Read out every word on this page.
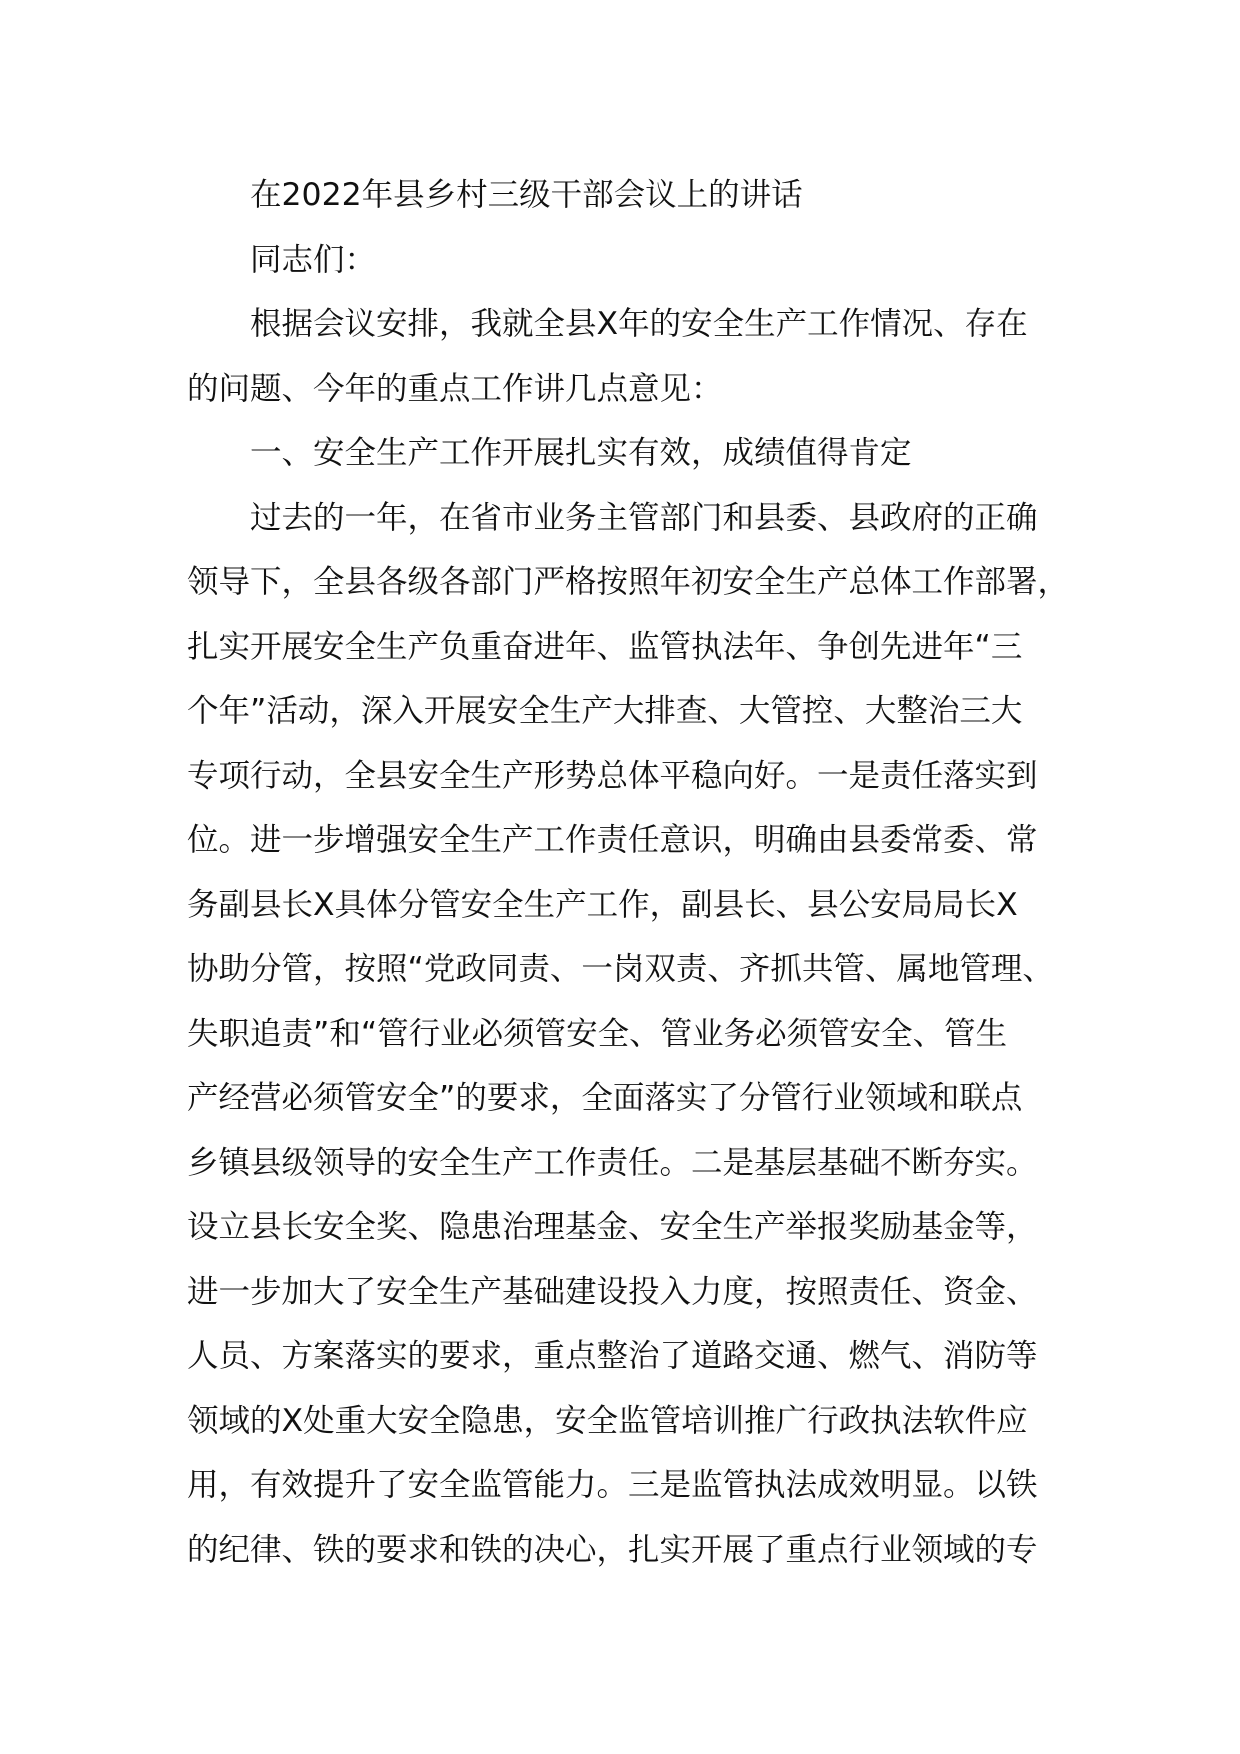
在2022年县乡村三级干部会议上的讲话
同志们：
根据会议安排，我就全县X年的安全生产工作情况、存在
的问题、今年的重点工作讲几点意见：
一、安全生产工作开展扎实有效，成绩值得肯定
过去的一年，在省市业务主管部门和县委、县政府的正确
领导下，全县各级各部门严格按照年初安全生产总体工作部署，
扎实开展安全生产负重奋进年、监管执法年、争创先进年“三
个年”活动，深入开展安全生产大排查、大管控、大整治三大
专项行动，全县安全生产形势总体平稳向好。一是责任落实到
位。进一步增强安全生产工作责任意识，明确由县委常委、常
务副县长X具体分管安全生产工作，副县长、县公安局局长X
协助分管，按照“党政同责、一岗双责、齐抓共管、属地管理、
失职追责”和“管行业必须管安全、管业务必须管安全、管生
产经营必须管安全”的要求，全面落实了分管行业领域和联点
乡镇县级领导的安全生产工作责任。二是基层基础不断夯实。
设立县长安全奖、隐患治理基金、安全生产举报奖励基金等，
进一步加大了安全生产基础建设投入力度，按照责任、资金、
人员、方案落实的要求，重点整治了道路交通、燃气、消防等
领域的X处重大安全隐患，安全监管培训推广行政执法软件应
用，有效提升了安全监管能力。三是监管执法成效明显。以铁
的纪律、铁的要求和铁的决心，扎实开展了重点行业领域的专
